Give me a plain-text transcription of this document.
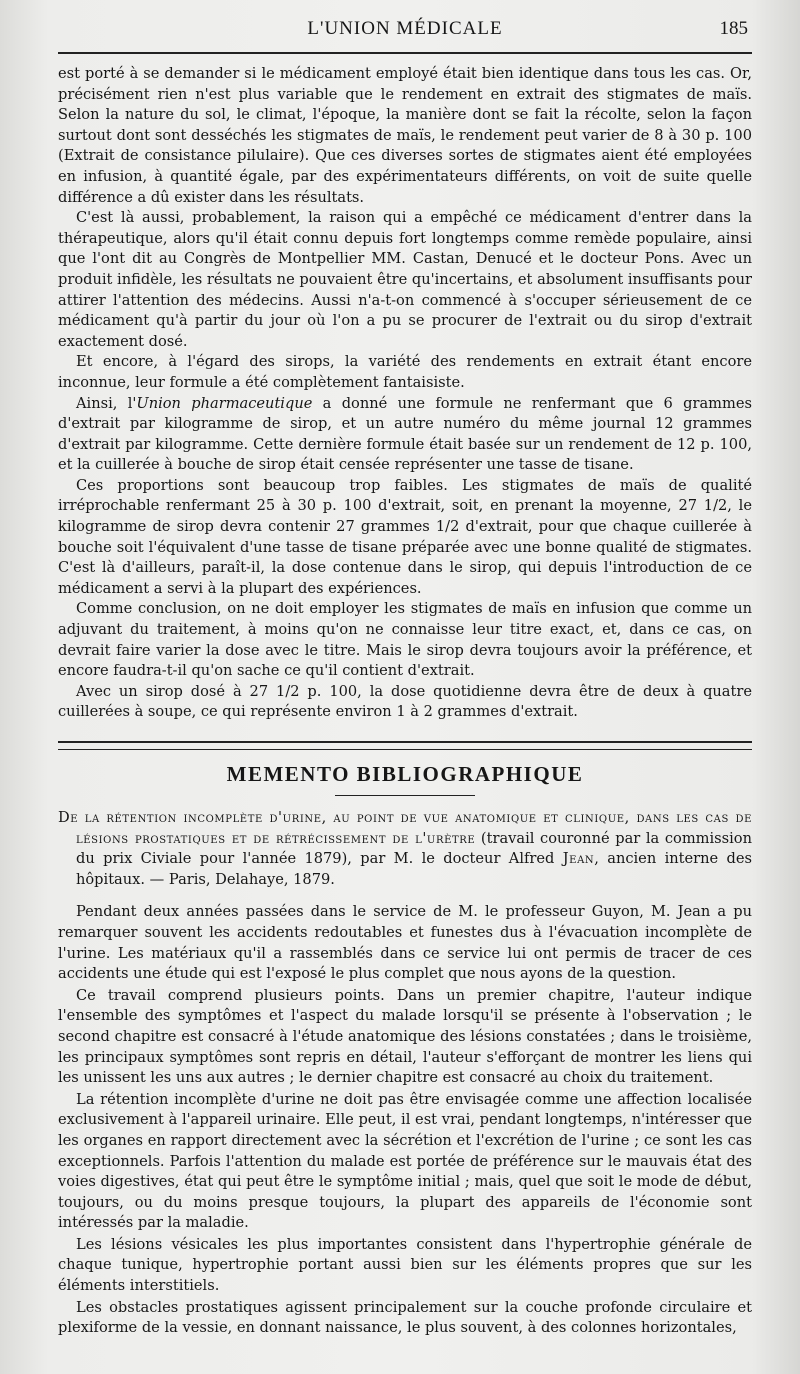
L'UNION MÉDICALE	185

est porté à se demander si le médicament employé était bien identique dans tous les cas. Or, précisément rien n'est plus variable que le rendement en extrait des stigmates de maïs. Selon la nature du sol, le climat, l'époque, la manière dont se fait la récolte, selon la façon surtout dont sont desséchés les stigmates de maïs, le rendement peut varier de 8 à 30 p. 100 (Extrait de consistance pilulaire). Que ces diverses sortes de stigmates aient été employées en infusion, à quantité égale, par des expérimentateurs différents, on voit de suite quelle différence a dû exister dans les résultats.

C'est là aussi, probablement, la raison qui a empêché ce médicament d'entrer dans la thérapeutique, alors qu'il était connu depuis fort longtemps comme remède populaire, ainsi que l'ont dit au Congrès de Montpellier MM. Castan, Denucé et le docteur Pons. Avec un produit infidèle, les résultats ne pouvaient être qu'incertains, et absolument insuffisants pour attirer l'attention des médecins. Aussi n'a-t-on commencé à s'occuper sérieusement de ce médicament qu'à partir du jour où l'on a pu se procurer de l'extrait ou du sirop d'extrait exactement dosé.

Et encore, à l'égard des sirops, la variété des rendements en extrait étant encore inconnue, leur formule a été complètement fantaisiste.

Ainsi, l'Union pharmaceutique a donné une formule ne renfermant que 6 grammes d'extrait par kilogramme de sirop, et un autre numéro du même journal 12 grammes d'extrait par kilogramme. Cette dernière formule était basée sur un rendement de 12 p. 100, et la cuillerée à bouche de sirop était censée représenter une tasse de tisane.

Ces proportions sont beaucoup trop faibles. Les stigmates de maïs de qualité irréprochable renfermant 25 à 30 p. 100 d'extrait, soit, en prenant la moyenne, 27 1/2, le kilogramme de sirop devra contenir 27 grammes 1/2 d'extrait, pour que chaque cuillerée à bouche soit l'équivalent d'une tasse de tisane préparée avec une bonne qualité de stigmates. C'est là d'ailleurs, paraît-il, la dose contenue dans le sirop, qui depuis l'introduction de ce médicament a servi à la plupart des expériences.

Comme conclusion, on ne doit employer les stigmates de maïs en infusion que comme un adjuvant du traitement, à moins qu'on ne connaisse leur titre exact, et, dans ce cas, on devrait faire varier la dose avec le titre. Mais le sirop devra toujours avoir la préférence, et encore faudra-t-il qu'on sache ce qu'il contient d'extrait.

Avec un sirop dosé à 27 1/2 p. 100, la dose quotidienne devra être de deux à quatre cuillerées à soupe, ce qui représente environ 1 à 2 grammes d'extrait.

MEMENTO BIBLIOGRAPHIQUE
De la rétention incomplète d'urine, au point de vue anatomique et clinique, dans les cas de lésions prostatiques et de rétrécissement de l'urètre (travail couronné par la commission du prix Civiale pour l'année 1879), par M. le docteur Alfred Jean, ancien interne des hôpitaux. — Paris, Delahaye, 1879.

Pendant deux années passées dans le service de M. le professeur Guyon, M. Jean a pu remarquer souvent les accidents redoutables et funestes dus à l'évacuation incomplète de l'urine. Les matériaux qu'il a rassemblés dans ce service lui ont permis de tracer de ces accidents une étude qui est l'exposé le plus complet que nous ayons de la question.

Ce travail comprend plusieurs points. Dans un premier chapitre, l'auteur indique l'ensemble des symptômes et l'aspect du malade lorsqu'il se présente à l'observation ; le second chapitre est consacré à l'étude anatomique des lésions constatées ; dans le troisième, les principaux symptômes sont repris en détail, l'auteur s'efforçant de montrer les liens qui les unissent les uns aux autres ; le dernier chapitre est consacré au choix du traitement.

La rétention incomplète d'urine ne doit pas être envisagée comme une affection localisée exclusivement à l'appareil urinaire. Elle peut, il est vrai, pendant longtemps, n'intéresser que les organes en rapport directement avec la sécrétion et l'excrétion de l'urine ; ce sont les cas exceptionnels. Parfois l'attention du malade est portée de préférence sur le mauvais état des voies digestives, état qui peut être le symptôme initial ; mais, quel que soit le mode de début, toujours, ou du moins presque toujours, la plupart des appareils de l'économie sont intéressés par la maladie.

Les lésions vésicales les plus importantes consistent dans l'hypertrophie générale de chaque tunique, hypertrophie portant aussi bien sur les éléments propres que sur les éléments interstitiels.

Les obstacles prostatiques agissent principalement sur la couche profonde circulaire et plexiforme de la vessie, en donnant naissance, le plus souvent, à des colonnes horizontales,
